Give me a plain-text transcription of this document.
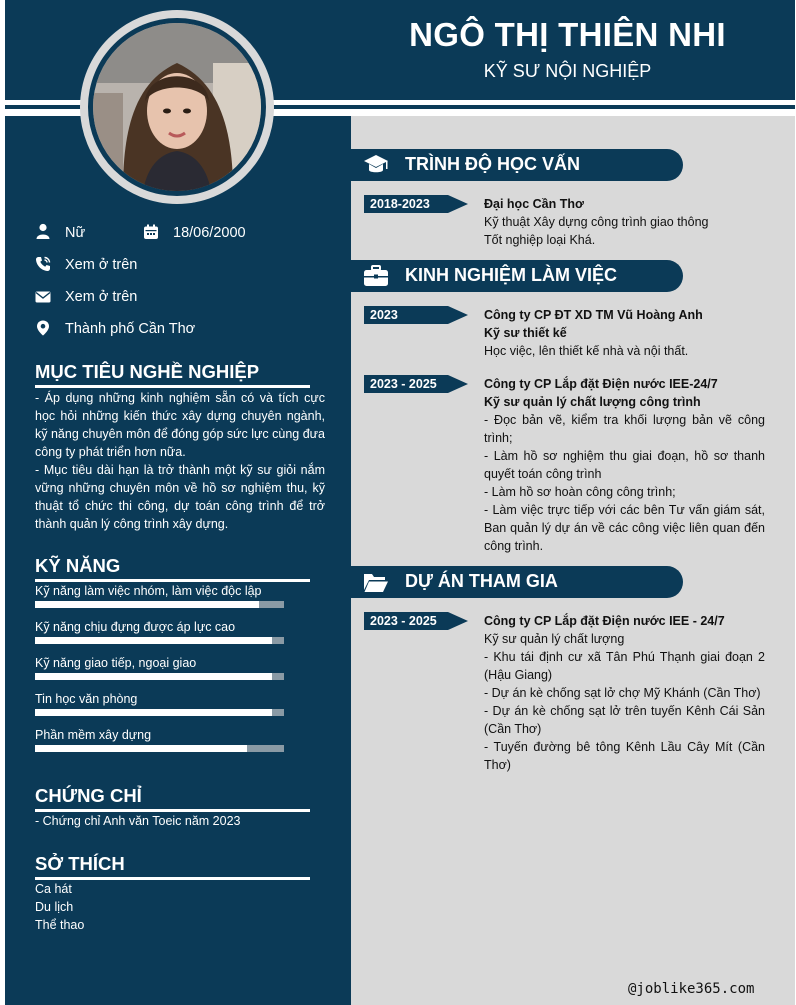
NGÔ THỊ THIÊN NHI
KỸ SƯ NỘI NGHIỆP
Nữ	18/06/2000
Xem ở trên
Xem ở trên
Thành phố Cần Thơ
MỤC TIÊU NGHỀ NGHIỆP
- Áp dụng những kinh nghiệm sẵn có và tích cực học hỏi những kiến thức xây dựng chuyên ngành, kỹ năng chuyên môn để đóng góp sức lực cùng đưa công ty phát triển hơn nữa.
- Mục tiêu dài hạn là trở thành một kỹ sư giỏi nắm vững những chuyên môn về hồ sơ nghiệm thu, kỹ thuật tổ chức thi công, dự toán công trình để trở thành quản lý công trình xây dựng.
KỸ NĂNG
Kỹ năng làm việc nhóm, làm việc độc lập
Kỹ năng chịu đựng được áp lực cao
Kỹ năng giao tiếp, ngoại giao
Tin học văn phòng
Phần mềm xây dựng
CHỨNG CHỈ
- Chứng chỉ Anh văn Toeic năm 2023
SỞ THÍCH
Ca hát
Du lịch
Thể thao
TRÌNH ĐỘ HỌC VẤN
2018-2023	Đại học Cần Thơ
Kỹ thuật Xây dựng công trình giao thông
Tốt nghiệp loại Khá.
KINH NGHIỆM LÀM VIỆC
2023	Công ty CP ĐT XD TM Vũ Hoàng Anh
Kỹ sư thiết kế
Học việc, lên thiết kế nhà và nội thất.
2023 - 2025	Công ty CP Lắp đặt Điện nước IEE-24/7
Kỹ sư quản lý chất lượng công trình
- Đọc bản vẽ, kiểm tra khối lượng bản vẽ công trình;
- Làm hồ sơ nghiệm thu giai đoạn, hồ sơ thanh quyết toán công trình
- Làm hồ sơ hoàn công công trình;
- Làm việc trực tiếp với các bên Tư vấn giám sát, Ban quản lý dự án về các công việc liên quan đến công trình.
DỰ ÁN THAM GIA
2023 - 2025	Công ty CP Lắp đặt Điện nước IEE - 24/7
Kỹ sư quản lý chất lượng
- Khu tái định cư xã Tân Phú Thạnh giai đoạn 2 (Hậu Giang)
- Dự án kè chống sạt lở chợ Mỹ Khánh (Cần Thơ)
- Dự án kè chống sạt lở trên tuyến Kênh Cái Sản (Cần Thơ)
- Tuyến đường bê tông Kênh Lầu Cây Mít (Cần Thơ)
@joblike365.com
